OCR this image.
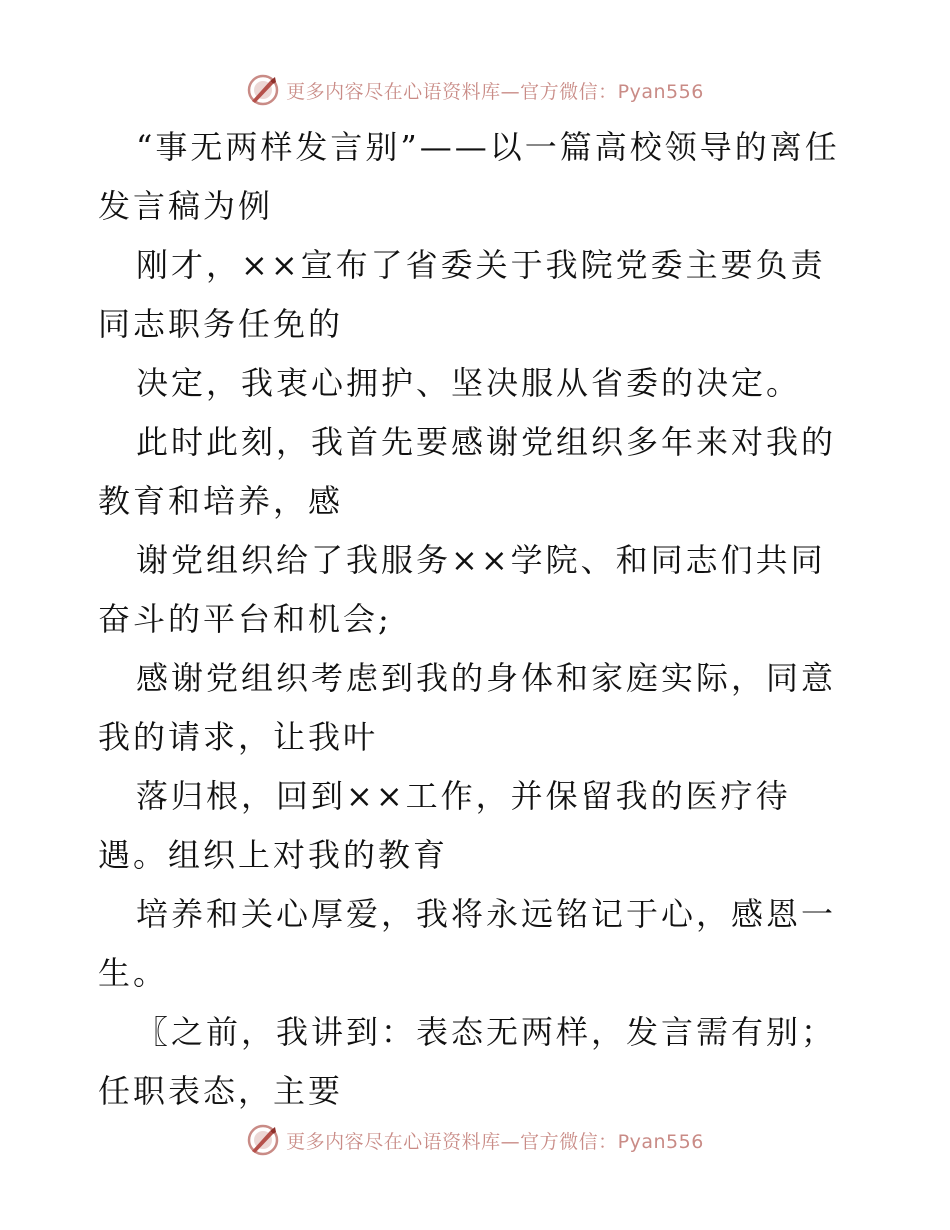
更多内容尽在心语资料库—官方微信：Pyan556

“事无两样发言别”——以一篇高校领导的离任发言稿为例

刚才，××宣布了省委关于我院党委主要负责同志职务任免的

决定，我衷心拥护、坚决服从省委的决定。

此时此刻，我首先要感谢党组织多年来对我的教育和培养，感

谢党组织给了我服务××学院、和同志们共同奋斗的平台和机会;

感谢党组织考虑到我的身体和家庭实际，同意我的请求，让我叶

落归根，回到××工作，并保留我的医疗待遇。组织上对我的教育

培养和关心厚爱，我将永远铭记于心，感恩一生。

〖之前，我讲到：表态无两样，发言需有别；任职表态，主要

更多内容尽在心语资料库—官方微信：Pyan556
